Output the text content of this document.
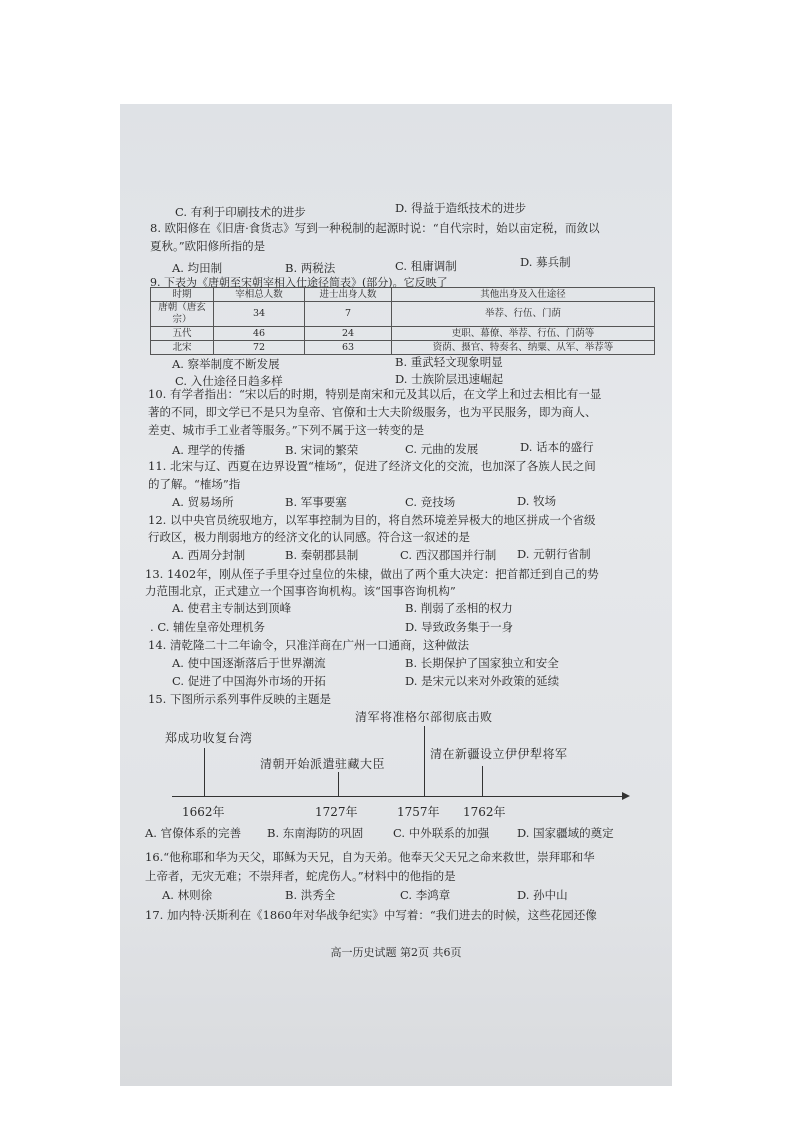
C. 有利于印刷技术的进步	D. 得益于造纸技术的进步
8. 欧阳修在《旧唐·食货志》写到一种税制的起源时说：“自代宗时，始以亩定税，而敛以
夏秋。”欧阳修所指的是
A. 均田制	B. 两税法	C. 租庸调制	D. 募兵制
9. 下表为《唐朝至宋朝宰相入仕途径简表》(部分)。它反映了
时期	宰相总人数	进士出身人数	其他出身及入仕途径
唐朝（唐玄宗）	34	7	举荐、行伍、门荫
五代	46	24	吏职、幕僚、举荐、行伍、门荫等
北宋	72	63	资荫、摄官、特奏名、纳粟、从军、举荐等
A. 察举制度不断发展	B. 重武轻文现象明显
C. 入仕途径日趋多样	D. 士族阶层迅速崛起
10. 有学者指出：“宋以后的时期，特别是南宋和元及其以后，在文学上和过去相比有一显
著的不同，即文学已不是只为皇帝、官僚和士大夫阶级服务，也为平民服务，即为商人、
差吏、城市手工业者等服务。”下列不属于这一转变的是
A. 理学的传播	B. 宋词的繁荣	C. 元曲的发展	D. 话本的盛行
11. 北宋与辽、西夏在边界设置“榷场”，促进了经济文化的交流，也加深了各族人民之间
的了解。“榷场”指
A. 贸易场所	B. 军事要塞	C. 竞技场	D. 牧场
12. 以中央官员统驭地方，以军事控制为目的，将自然环境差异极大的地区拼成一个省级
行政区，极力削弱地方的经济文化的认同感。符合这一叙述的是
A. 西周分封制	B. 秦朝郡县制	C. 西汉郡国并行制 D. 元朝行省制
13. 1402年，刚从侄子手里夺过皇位的朱棣，做出了两个重大决定：把首都迁到自己的势
力范围北京，正式建立一个国事咨询机构。该“国事咨询机构”
A. 使君主专制达到顶峰	B. 削弱了丞相的权力
. C. 辅佐皇帝处理机务	D. 导致政务集于一身
14. 清乾隆二十二年谕令，只准洋商在广州一口通商，这种做法
A. 使中国逐渐落后于世界潮流	B. 长期保护了国家独立和安全
C. 促进了中国海外市场的开拓	D. 是宋元以来对外政策的延续
15. 下图所示系列事件反映的主题是
郑成功收复台湾
清朝开始派遣驻藏大臣
清军将准格尔部彻底击败
清在新疆设立伊伊犁将军
1662年	1727年	1757年 1762年
A. 官僚体系的完善 B. 东南海防的巩固	C. 中外联系的加强 D. 国家疆域的奠定
16.“他称耶和华为天父，耶稣为天兄，自为天弟。他奉天父天兄之命来救世，崇拜耶和华
上帝者，无灾无难；不崇拜者，蛇虎伤人。”材料中的他指的是
A. 林则徐	B. 洪秀全	C. 李鸿章	D. 孙中山
17. 加内特·沃斯利在《1860年对华战争纪实》中写着：“我们进去的时候，这些花园还像
高一历史试题 第2页 共6页
